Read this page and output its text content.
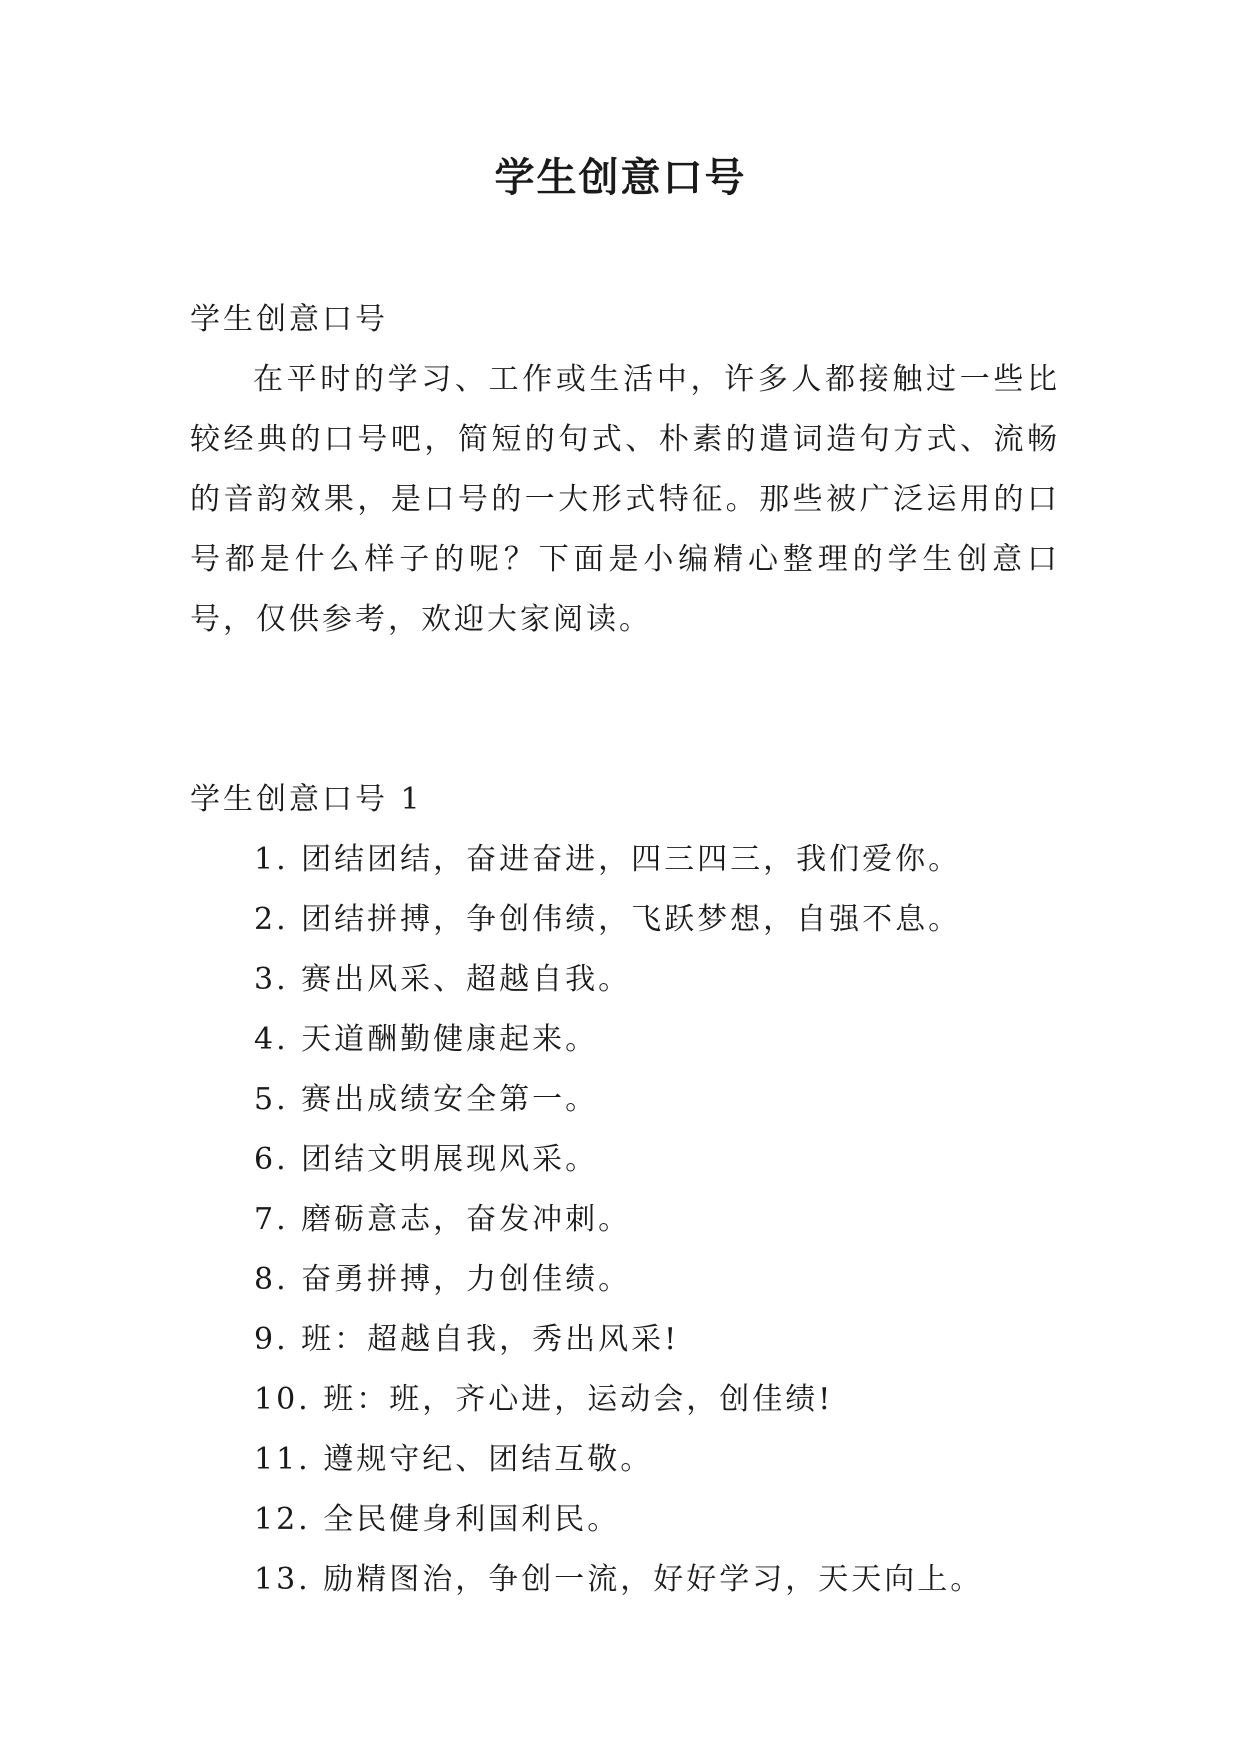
学生创意口号

学生创意口号

在平时的学习、工作或生活中，许多人都接触过一些比较经典的口号吧，简短的句式、朴素的遣词造句方式、流畅的音韵效果，是口号的一大形式特征。那些被广泛运用的口号都是什么样子的呢？下面是小编精心整理的学生创意口号，仅供参考，欢迎大家阅读。

学生创意口号 1

1. 团结团结，奋进奋进，四三四三，我们爱你。
2. 团结拼搏，争创伟绩，飞跃梦想，自强不息。
3. 赛出风采、超越自我。
4. 天道酬勤健康起来。
5. 赛出成绩安全第一。
6. 团结文明展现风采。
7. 磨砺意志，奋发冲刺。
8. 奋勇拼搏，力创佳绩。
9. 班：超越自我，秀出风采!
10. 班：班，齐心进，运动会，创佳绩!
11. 遵规守纪、团结互敬。
12. 全民健身利国利民。
13. 励精图治，争创一流，好好学习，天天向上。
